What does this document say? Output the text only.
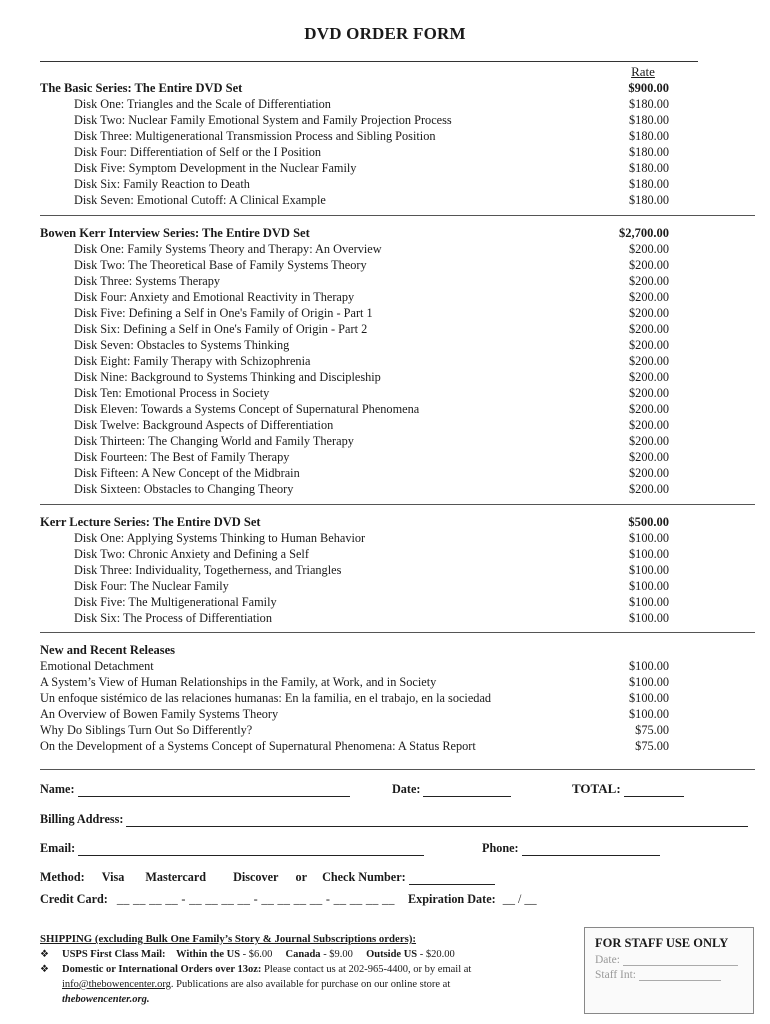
DVD ORDER FORM
Rate
The Basic Series: The Entire DVD Set	$900.00
Disk One: Triangles and the Scale of Differentiation	$180.00
Disk Two: Nuclear Family Emotional System and Family Projection Process	$180.00
Disk Three: Multigenerational Transmission Process and Sibling Position	$180.00
Disk Four: Differentiation of Self or the I Position	$180.00
Disk Five: Symptom Development in the Nuclear Family	$180.00
Disk Six: Family Reaction to Death	$180.00
Disk Seven: Emotional Cutoff: A Clinical Example	$180.00
Bowen Kerr Interview Series: The Entire DVD Set	$2,700.00
Disk One: Family Systems Theory and Therapy: An Overview	$200.00
Disk Two: The Theoretical Base of Family Systems Theory	$200.00
Disk Three: Systems Therapy	$200.00
Disk Four: Anxiety and Emotional Reactivity in Therapy	$200.00
Disk Five: Defining a Self in One's Family of Origin - Part 1	$200.00
Disk Six: Defining a Self in One's Family of Origin - Part 2	$200.00
Disk Seven: Obstacles to Systems Thinking	$200.00
Disk Eight: Family Therapy with Schizophrenia	$200.00
Disk Nine: Background to Systems Thinking and Discipleship	$200.00
Disk Ten: Emotional Process in Society	$200.00
Disk Eleven: Towards a Systems Concept of Supernatural Phenomena	$200.00
Disk Twelve: Background Aspects of Differentiation	$200.00
Disk Thirteen: The Changing World and Family Therapy	$200.00
Disk Fourteen: The Best of Family Therapy	$200.00
Disk Fifteen: A New Concept of the Midbrain	$200.00
Disk Sixteen: Obstacles to Changing Theory	$200.00
Kerr Lecture Series: The Entire DVD Set	$500.00
Disk One: Applying Systems Thinking to Human Behavior	$100.00
Disk Two: Chronic Anxiety and Defining a Self	$100.00
Disk Three: Individuality, Togetherness, and Triangles	$100.00
Disk Four: The Nuclear Family	$100.00
Disk Five: The Multigenerational Family	$100.00
Disk Six: The Process of Differentiation	$100.00
New and Recent Releases
Emotional Detachment	$100.00
A System’s View of Human Relationships in the Family, at Work, and in Society	$100.00
Un enfoque sistémico de las relaciones humanas: En la familia, en el trabajo, en la sociedad	$100.00
An Overview of Bowen Family Systems Theory	$100.00
Why Do Siblings Turn Out So Differently?	$75.00
On the Development of a Systems Concept of Supernatural Phenomena: A Status Report	$75.00
Name:	Date:	TOTAL:
Billing Address:
Email:	Phone:
Method: Visa Mastercard Discover or Check Number:
Credit Card: __ __ __ __ - __ __ __ __ - __ __ __ __ - __ __ __ __ Expiration Date: __ / __
SHIPPING (excluding Bulk One Family’s Story & Journal Subscriptions orders):
❖	USPS First Class Mail: Within the US - $6.00 Canada - $9.00 Outside US - $20.00
❖	Domestic or International Orders over 13oz: Please contact us at 202-965-4400, or by email at
info@thebowencenter.org. Publications are also available for purchase on our online store at
thebowencenter.org.
FOR STAFF USE ONLY
Date:
Staff Int:
